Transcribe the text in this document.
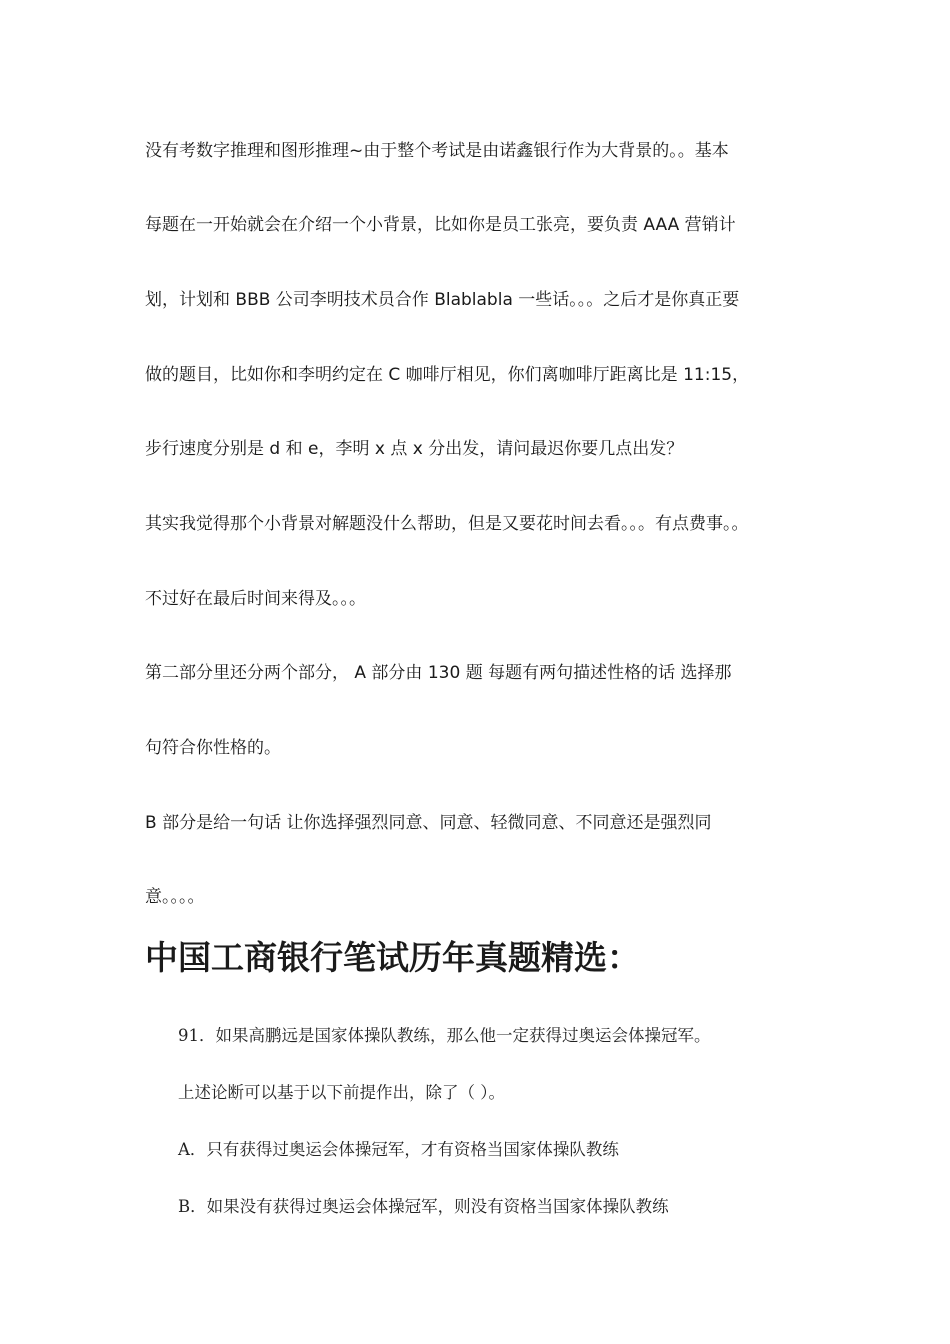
没有考数字推理和图形推理~由于整个考试是由诺鑫银行作为大背景的。。基本
每题在一开始就会在介绍一个小背景，比如你是员工张亮，要负责 AAA 营销计
划，计划和 BBB 公司李明技术员合作 Blablabla 一些话。。。之后才是你真正要
做的题目，比如你和李明约定在 C 咖啡厅相见，你们离咖啡厅距离比是 11:15，
步行速度分别是 d 和 e，李明 x 点 x 分出发，请问最迟你要几点出发？
其实我觉得那个小背景对解题没什么帮助，但是又要花时间去看。。。有点费事。。
不过好在最后时间来得及。。。
第二部分里还分两个部分， A 部分由 130 题 每题有两句描述性格的话 选择那
句符合你性格的。
B 部分是给一句话 让你选择强烈同意、同意、轻微同意、不同意还是强烈同
意。。。。
中国工商银行笔试历年真题精选：
91．如果高鹏远是国家体操队教练，那么他一定获得过奥运会体操冠军。
上述论断可以基于以下前提作出，除了（ ）。
A．只有获得过奥运会体操冠军，才有资格当国家体操队教练
B．如果没有获得过奥运会体操冠军，则没有资格当国家体操队教练
